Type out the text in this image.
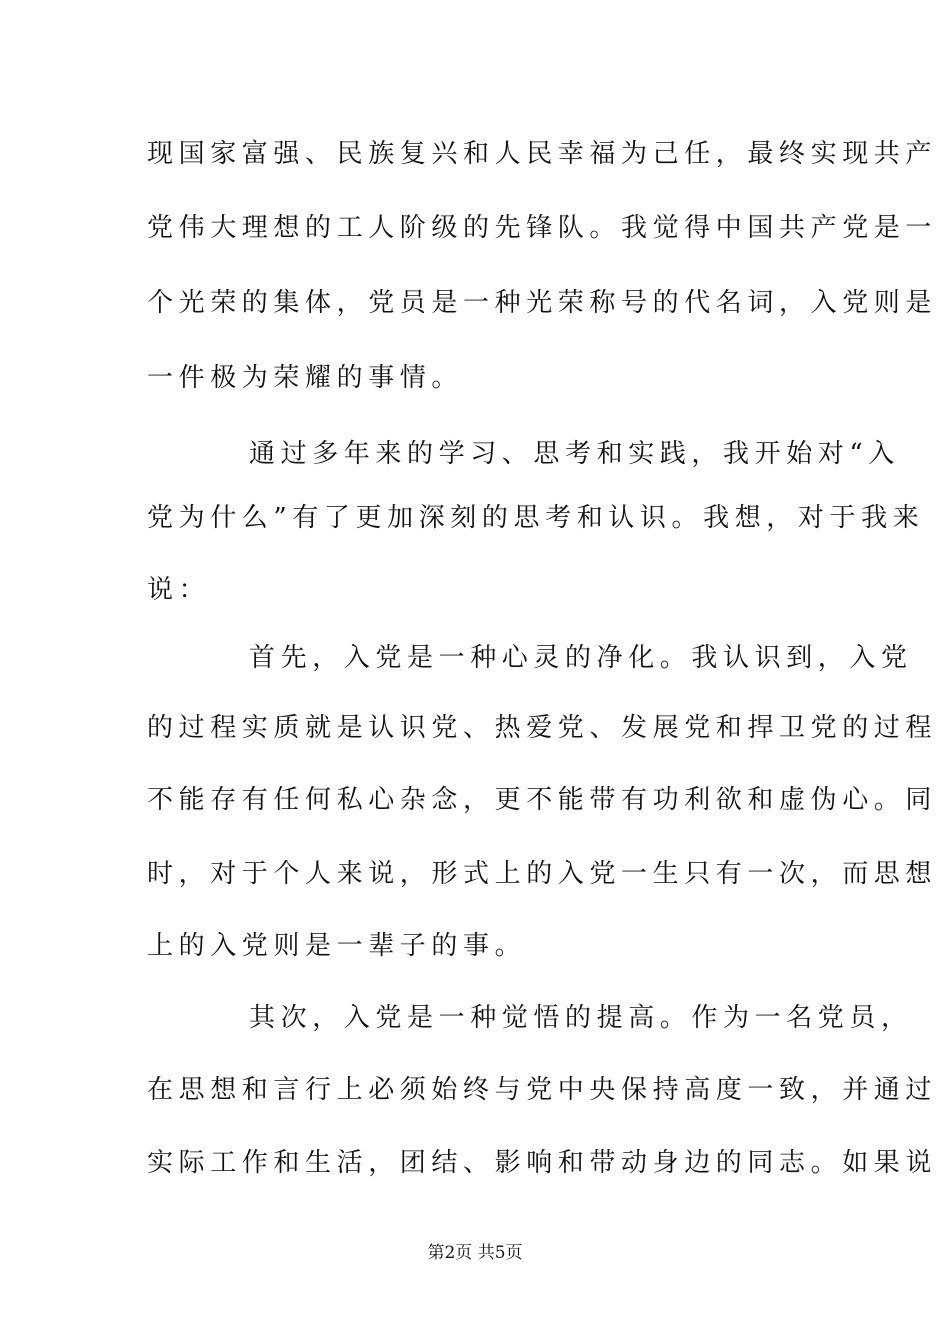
现国家富强、民族复兴和人民幸福为己任，最终实现共产
党伟大理想的工人阶级的先锋队。我觉得中国共产党是一
个光荣的集体，党员是一种光荣称号的代名词，入党则是
一件极为荣耀的事情。
通过多年来的学习、思考和实践，我开始对“入
党为什么”有了更加深刻的思考和认识。我想，对于我来
说：
首先，入党是一种心灵的净化。我认识到，入党
的过程实质就是认识党、热爱党、发展党和捍卫党的过程
不能存有任何私心杂念，更不能带有功利欲和虚伪心。同
时，对于个人来说，形式上的入党一生只有一次，而思想
上的入党则是一辈子的事。
其次，入党是一种觉悟的提高。作为一名党员，
在思想和言行上必须始终与党中央保持高度一致，并通过
实际工作和生活，团结、影响和带动身边的同志。如果说
第2页 共5页
